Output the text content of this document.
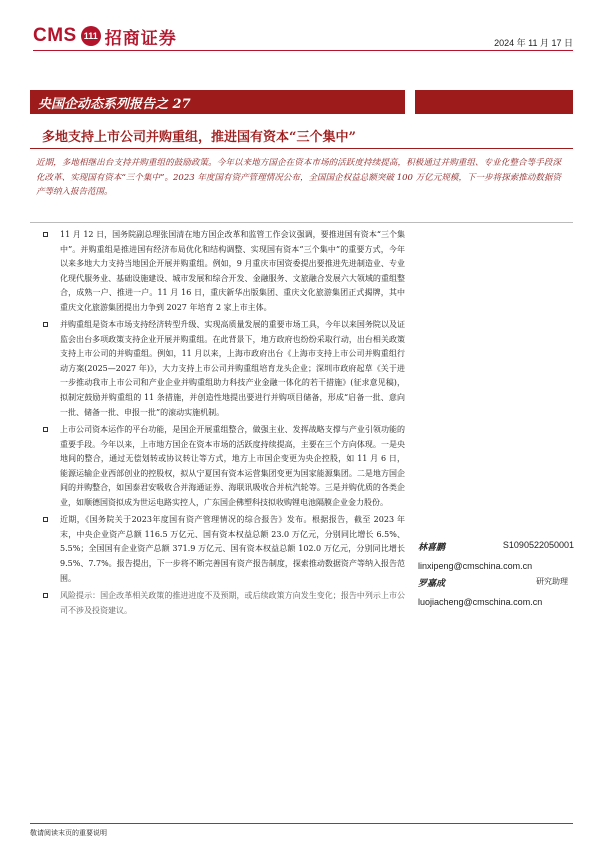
CMS 111 招商证券	2024 年 11 月 17 日
央国企动态系列报告之 27
多地支持上市公司并购重组，推进国有资本“三个集中”
近期，多地相继出台支持并购重组的鼓励政策。今年以来地方国企在资本市场的活跃度持续提高，积极通过并购重组、专业化整合等手段深化改革、实现国有资本“三个集中”。2023 年度国有资产管理情况公布，全国国企权益总额突破 100 万亿元规模，下一步将探索推动数据资产等纳入报告范围。
11 月 12 日，国务院副总理张国清在地方国企改革和监管工作会议强调，要推进国有资本“三个集中”。并购重组是推进国有经济布局优化和结构调整、实现国有资本“三个集中”的重要方式，今年以来多地大力支持当地国企开展并购重组。例如，9 月重庆市国资委提出要推进先进制造业、专业化现代服务业、基础设施建设、城市发展和综合开发、金融服务、文旅融合发展六大领域的重组整合，成熟一户、推进一户。11 月 16 日，重庆新华出版集团、重庆文化旅游集团正式揭牌，其中重庆文化旅游集团提出力争到 2027 年培育 2 家上市主体。
并购重组是资本市场支持经济转型升级、实现高质量发展的重要市场工具，今年以来国务院以及证监会出台多项政策支持企业开展并购重组。在此背景下，地方政府也纷纷采取行动，出台相关政策支持上市公司的并购重组。例如，11 月以来，上海市政府出台《上海市支持上市公司并购重组行动方案(2025—2027 年)》，大力支持上市公司并购重组培育龙头企业；深圳市政府起草《关于进一步推动我市上市公司和产业企业并购重组助力科技产业金融一体化的若干措施》(征求意见稿)，拟制定鼓励并购重组的 11 条措施，并创造性地提出要进行并购项目储备，形成“启备一批、意向一批、储备一批、申报一批”的滚动实施机制。
上市公司资本运作的平台功能，是国企开展重组整合，做强主业、发挥战略支撑与产业引领功能的重要手段。今年以来，上市地方国企在资本市场的活跃度持续提高，主要在三个方向体现。一是央地间的整合，通过无偿划转或协议转让等方式，地方上市国企变更为央企控股，如 11 月 6 日，能源运输企业西部创业的控股权，拟从宁夏国有资本运营集团变更为国家能源集团。二是地方国企间的并购整合，如国泰君安吸收合并海通证券、海联讯吸收合并杭汽轮等。三是并购优质的各类企业，如顺德国资拟成为世运电路实控人，广东国企佛塑科技拟收购锂电池隔膜企业金力股份。
近期，《国务院关于2023年度国有资产管理情况的综合报告》发布。根据报告，截至 2023 年末，中央企业资产总额 116.5 万亿元、国有资本权益总额 23.0 万亿元，分别同比增长 6.5%、5.5%；全国国有企业资产总额 371.9 万亿元、国有资本权益总额 102.0 万亿元，分别同比增长 9.5%、7.7%。报告提出，下一步将不断完善国有资产报告制度，探索推动数据资产等纳入报告范围。
风险提示：国企改革相关政策的推进进度不及预期，或后续政策方向发生变化；报告中列示上市公司不涉及投资建议。
林喜鹏	S1090522050001
linxipeng@cmschina.com.cn
罗嘉成	研究助理
luojiacheng@cmschina.com.cn
敬请阅读末页的重要说明
